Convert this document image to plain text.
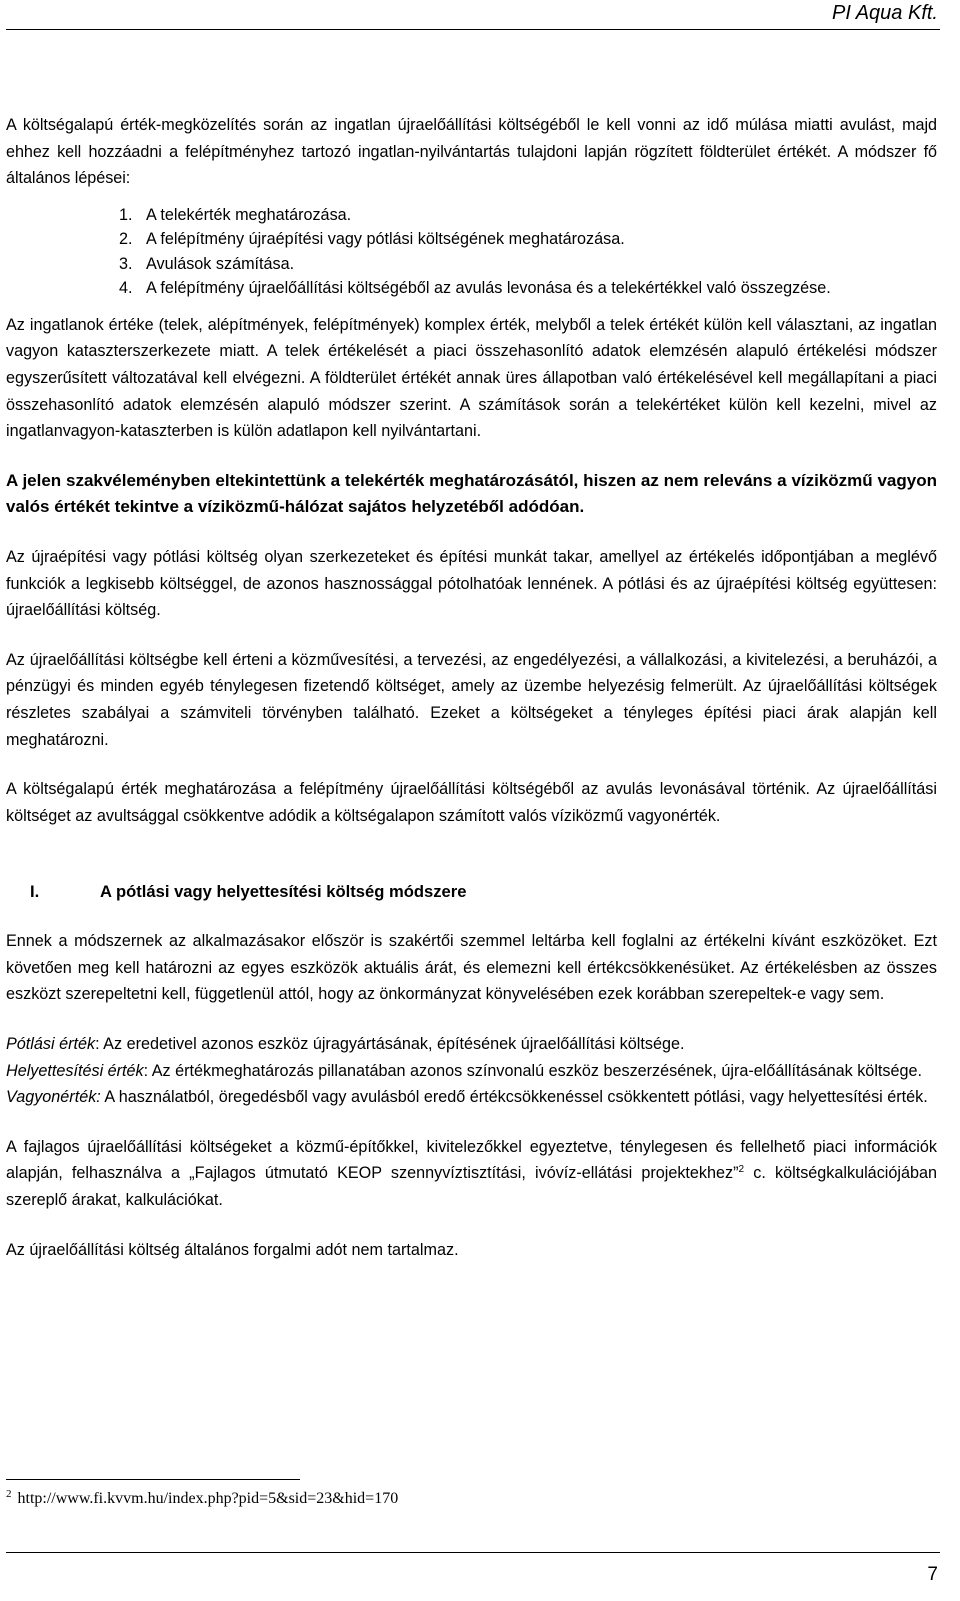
PI Aqua Kft.

A költségalapú érték-megközelítés során az ingatlan újraelőállítási költségéből le kell vonni az idő múlása miatti avulást, majd ehhez kell hozzáadni a felépítményhez tartozó ingatlan-nyilvántartás tulajdoni lapján rögzített földterület értékét. A módszer fő általános lépései:

1. A telekérték meghatározása.
2. A felépítmény újraépítési vagy pótlási költségének meghatározása.
3. Avulások számítása.
4. A felépítmény újraelőállítási költségéből az avulás levonása és a telekértékkel való összegzése.

Az ingatlanok értéke (telek, alépítmények, felépítmények) komplex érték, melyből a telek értékét külön kell választani, az ingatlan vagyon kataszterszerkezete miatt. A telek értékelését a piaci összehasonlító adatok elemzésén alapuló értékelési módszer egyszerűsített változatával kell elvégezni. A földterület értékét annak üres állapotban való értékelésével kell megállapítani a piaci összehasonlító adatok elemzésén alapuló módszer szerint. A számítások során a telekértéket külön kell kezelni, mivel az ingatlanvagyon-kataszterben is külön adatlapon kell nyilvántartani.

A jelen szakvéleményben eltekintettünk a telekérték meghatározásától, hiszen az nem releváns a víziközmű vagyon valós értékét tekintve a víziközmű-hálózat sajátos helyzetéből adódóan.

Az újraépítési vagy pótlási költség olyan szerkezeteket és építési munkát takar, amellyel az értékelés időpontjában a meglévő funkciók a legkisebb költséggel, de azonos hasznossággal pótolhatóak lennének. A pótlási és az újraépítési költség együttesen: újraelőállítási költség.

Az újraelőállítási költségbe kell érteni a közművesítési, a tervezési, az engedélyezési, a vállalkozási, a kivitelezési, a beruházói, a pénzügyi és minden egyéb ténylegesen fizetendő költséget, amely az üzembe helyezésig felmerült. Az újraelőállítási költségek részletes szabályai a számviteli törvényben található. Ezeket a költségeket a tényleges építési piaci árak alapján kell meghatározni.

A költségalapú érték meghatározása a felépítmény újraelőállítási költségéből az avulás levonásával történik. Az újraelőállítási költséget az avultsággal csökkentve adódik a költségalapon számított valós víziközmű vagyonérték.

I.	A pótlási vagy helyettesítési költség módszere

Ennek a módszernek az alkalmazásakor először is szakértői szemmel leltárba kell foglalni az értékelni kívánt eszközöket. Ezt követően meg kell határozni az egyes eszközök aktuális árát, és elemezni kell értékcsökkenésüket. Az értékelésben az összes eszközt szerepeltetni kell, függetlenül attól, hogy az önkormányzat könyvelésében ezek korábban szerepeltek-e vagy sem.

Pótlási érték: Az eredetivel azonos eszköz újragyártásának, építésének újraelőállítási költsége.

Helyettesítési érték: Az értékmeghatározás pillanatában azonos színvonalú eszköz beszerzésének, újra-előállításának költsége.

Vagyonérték: A használatból, öregedésből vagy avulásból eredő értékcsökkenéssel csökkentett pótlási, vagy helyettesítési érték.

A fajlagos újraelőállítási költségeket a közmű-építőkkel, kivitelezőkkel egyeztetve, ténylegesen és fellelhető piaci információk alapján, felhasználva a „Fajlagos útmutató KEOP szennyvíztisztítási, ivóvíz-ellátási projektekhez”$^2$ c. költségkalkulációjában szereplő árakat, kalkulációkat.

Az újraelőállítási költség általános forgalmi adót nem tartalmaz.

$^2$ http://www.fi.kvvm.hu/index.php?pid=5&sid=23&hid=170
7
